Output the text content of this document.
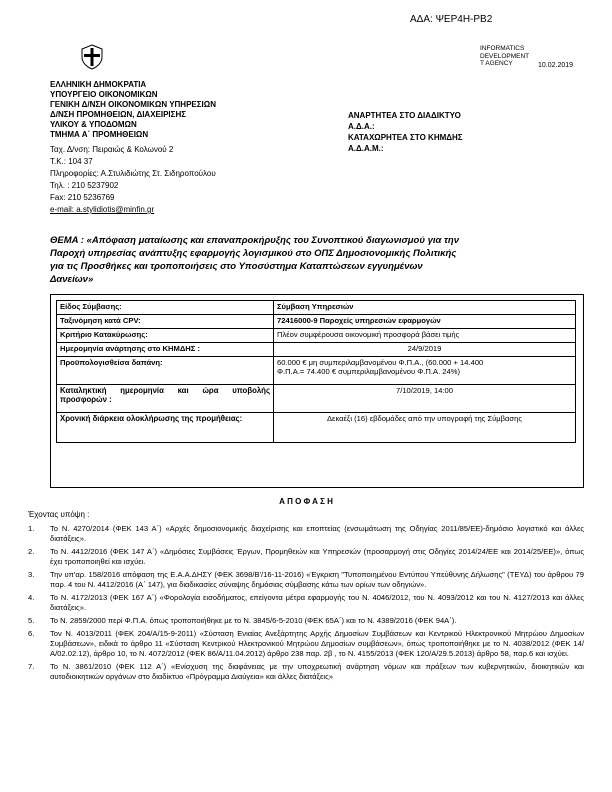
ΑΔΑ: ΨΕΡ4Η-ΡΒ2
INFORMATICS
DEVELOPMENT
T AGENCY	10.02.2019
ΕΛΛΗΝΙΚΗ ΔΗΜΟΚΡΑΤΙΑ
ΥΠΟΥΡΓΕΙΟ ΟΙΚΟΝΟΜΙΚΩΝ
ΓΕΝΙΚΗ Δ/ΝΣΗ ΟΙΚΟΝΟΜΙΚΩΝ ΥΠΗΡΕΣΙΩΝ
Δ/ΝΣΗ ΠΡΟΜΗΘΕΙΩΝ, ΔΙΑΧΕΙΡΙΣΗΣ
ΥΛΙΚΟΥ & ΥΠΟΔΟΜΩΝ
ΤΜΗΜΑ Α΄ ΠΡΟΜΗΘΕΙΩΝ
Ταχ. Δ/νση: Πειραιώς & Κολωνού 2
Τ.Κ.: 104 37
Πληροφορίες: Α.Στυλιδιώτης Στ. Σιδηροπούλου
Τηλ. : 210 5237902
Fax: 210 5236769
e-mail: a.stylidiotis@minfin.gr
ΑΝΑΡΤΗΤΕΑ ΣΤΟ ΔΙΑΔΙΚΤΥΟ
Α.Δ.Α.:
ΚΑΤΑΧΩΡΗΤΕΑ ΣΤΟ ΚΗΜΔΗΣ
Α.Δ.Α.Μ.:
ΘΕΜΑ : «Απόφαση ματαίωσης και επαναπροκήρυξης του Συνοπτικού διαγωνισμού για την
Παροχή υπηρεσίας ανάπτυξης εφαρμογής λογισμικού στο ΟΠΣ Δημοσιονομικής Πολιτικής
για τις Προσθήκες και τροποποιήσεις στο Υποσύστημα Καταπτώσεων εγγυημένων
Δανείων»
Είδος Σύμβασης:	Σύμβαση Υπηρεσιών

Ταξινόμηση κατά CPV:	72416000-9 Παροχείς υπηρεσιών εφαρμογών

Κριτήριο Κατακύρωσης:	Πλέον συμφέρουσα οικονομική προσφορά βάσει τιμής

Ημερομηνία ανάρτησης στο ΚΗΜΔΗΣ :	24/9/2019

Προϋπολογισθείσα δαπάνη:	60.000 € μη συμπεριλαμβανομένου Φ.Π.Α., (60.000 + 14.400
Φ.Π.Α.= 74.400 € συμπεριλαμβανομένου Φ.Π.Α. 24%)

Καταληκτική ημερομηνία και ώρα υποβολής προσφορών :	7/10/2019, 14:00

Χρονική διάρκεια ολοκλήρωσης της προμήθειας:	Δεκαέξι (16) εβδομάδες από την υπογραφή της Σύμβασης
Α Π Ο Φ Α Σ Η
Έχοντας υπόψη :
1. Το Ν. 4270/2014 (ΦΕΚ 143 Α΄) «Αρχές δημοσιονομικής διαχείρισης και εποπτείας (ενσωμάτωση της Οδηγίας 2011/85/ΕΕ)-δημόσιο λογιστικό και άλλες διατάξεις».
2. Το Ν. 4412/2016 (ΦΕΚ 147 Α΄) «Δημόσιες Συμβάσεις Έργων, Προμηθειών και Υπηρεσιών (προσαρμογή στις Οδηγίες 2014/24/ΕΕ και 2014/25/ΕΕ)», όπως έχει τροποποιηθεί και ισχύει.
3. Την υπ'αρ. 158/2016 απόφαση της Ε.Α.Α.ΔΗΣΥ (ΦΕΚ 3698/Β'/16-11-2016) «Έγκριση "Τυποποιημένου Εντύπου Υπεύθυνης Δήλωσης" (ΤΕΥΔ) του άρθρου 79 παρ. 4 του Ν. 4412/2016 (Α΄ 147), για διαδικασίες σύναψης δημόσιας σύμβασης κάτω των ορίων των οδηγιών».
4. Το Ν. 4172/2013 (ΦΕΚ 167 Α΄) «Φορολογία εισοδήματος, επείγοντα μέτρα εφαρμογής του Ν. 4046/2012, του Ν. 4093/2012 και του Ν. 4127/2013 και άλλες διατάξεις».
5. Το Ν. 2859/2000 περί Φ.Π.Α. όπως τροποποιήθηκε με το Ν. 3845/6-5-2010 (ΦΕΚ 65Α΄) και το Ν. 4389/2016 (ΦΕΚ 94Α΄).
6. Τον Ν. 4013/2011 (ΦΕΚ 204/Α/15-9-2011) «Σύσταση Ενιαίας Ανεξάρτητης Αρχής Δημοσίων Συμβάσεων και Κεντρικού Ηλεκτρονικού Μητρώου Δημοσίων Συμβάσεων», ειδικά το άρθρο 11 «Σύσταση Κεντρικού Ηλεκτρονικού Μητρώου Δημοσίων συμβάσεων», όπως τροποποιήθηκε με το Ν. 4038/2012 (ΦΕΚ 14/Α/02.02.12), άρθρο 10, το Ν. 4072/2012 (ΦΕΚ 86/Α/11.04.2012) άρθρο 238 παρ. 2β , το Ν. 4155/2013 (ΦΕΚ 120/Α/29.5.2013) άρθρο 58, παρ.6 και ισχύει.
7. Το Ν. 3861/2010 (ΦΕΚ 112 Α΄) «Ενίσχυση της διαφάνειας με την υποχρεωτική ανάρτηση νόμων και πράξεων των κυβερνητικών, διοικητικών και αυτοδιοικητικών οργάνων στο διαδίκτυο «Πρόγραμμα Διαύγεια» και άλλες διατάξεις»
